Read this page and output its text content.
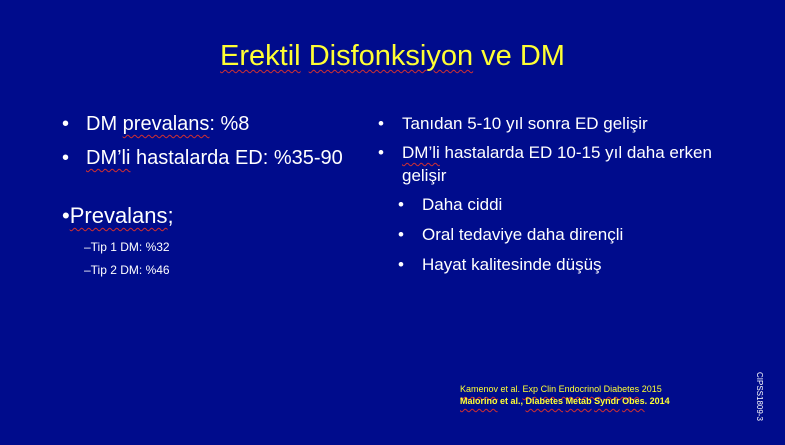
Erektil Disfonksiyon ve DM
• DM prevalans: %8
• DM’li hastalarda ED: %35-90
•Prevalans;
–Tip 1 DM: %32
–Tip 2 DM: %46
• Tanıdan 5-10 yıl sonra ED gelişir
• DM’li hastalarda ED 10-15 yıl daha erken gelişir
• Daha ciddi
• Oral tedaviye daha dirençli
• Hayat kalitesinde düşüş
Kamenov et al. Exp Clin Endocrinol Diabetes 2015
Maiorino et al., Diabetes Metab Syndr Obes. 2014	CIPSS1809-3
